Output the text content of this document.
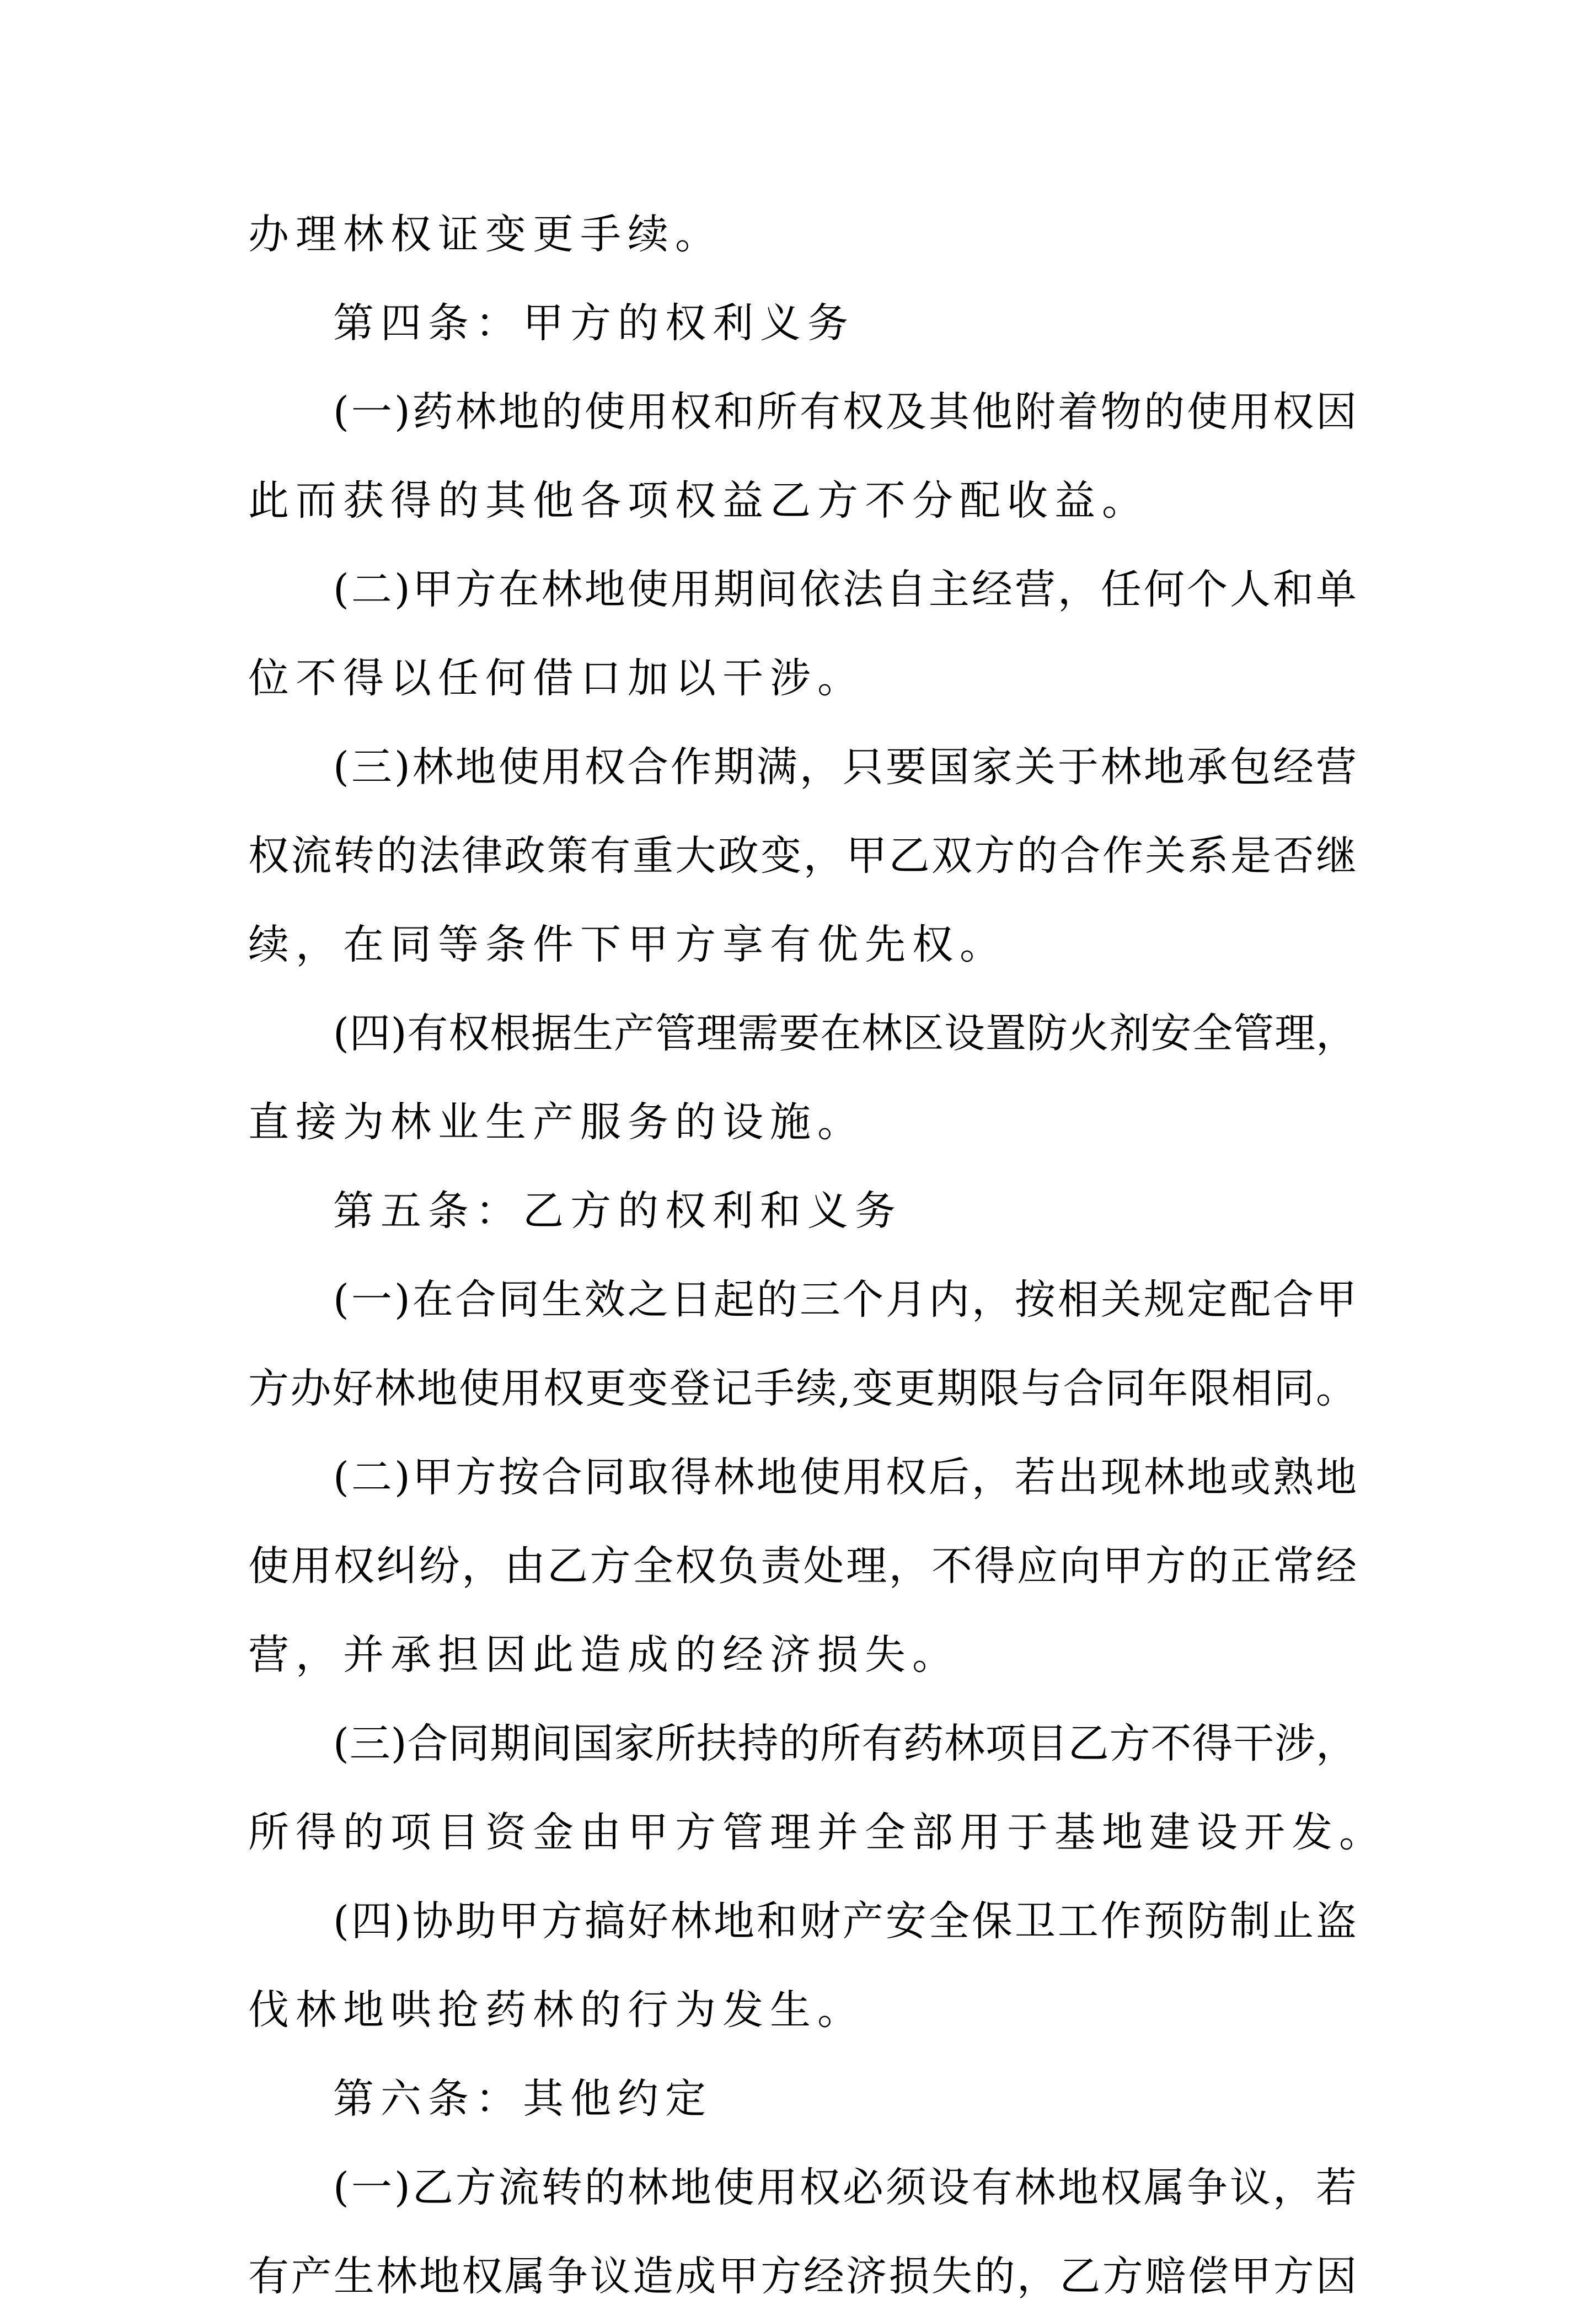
办理林权证变更手续。
第四条：甲方的权利义务
(一)药林地的使用权和所有权及其他附着物的使用权因
此而获得的其他各项权益乙方不分配收益。
(二)甲方在林地使用期间依法自主经营，任何个人和单
位不得以任何借口加以干涉。
(三)林地使用权合作期满，只要国家关于林地承包经营
权流转的法律政策有重大政变，甲乙双方的合作关系是否继
续，在同等条件下甲方享有优先权。
(四)有权根据生产管理需要在林区设置防火剂安全管理，
直接为林业生产服务的设施。
第五条：乙方的权利和义务
(一)在合同生效之日起的三个月内，按相关规定配合甲
方办好林地使用权更变登记手续,变更期限与合同年限相同。
(二)甲方按合同取得林地使用权后，若出现林地或熟地
使用权纠纷，由乙方全权负责处理，不得应向甲方的正常经
营，并承担因此造成的经济损失。
(三)合同期间国家所扶持的所有药林项目乙方不得干涉，
所得的项目资金由甲方管理并全部用于基地建设开发。
(四)协助甲方搞好林地和财产安全保卫工作预防制止盗
伐林地哄抢药林的行为发生。
第六条：其他约定
(一)乙方流转的林地使用权必须设有林地权属争议，若
有产生林地权属争议造成甲方经济损失的，乙方赔偿甲方因
